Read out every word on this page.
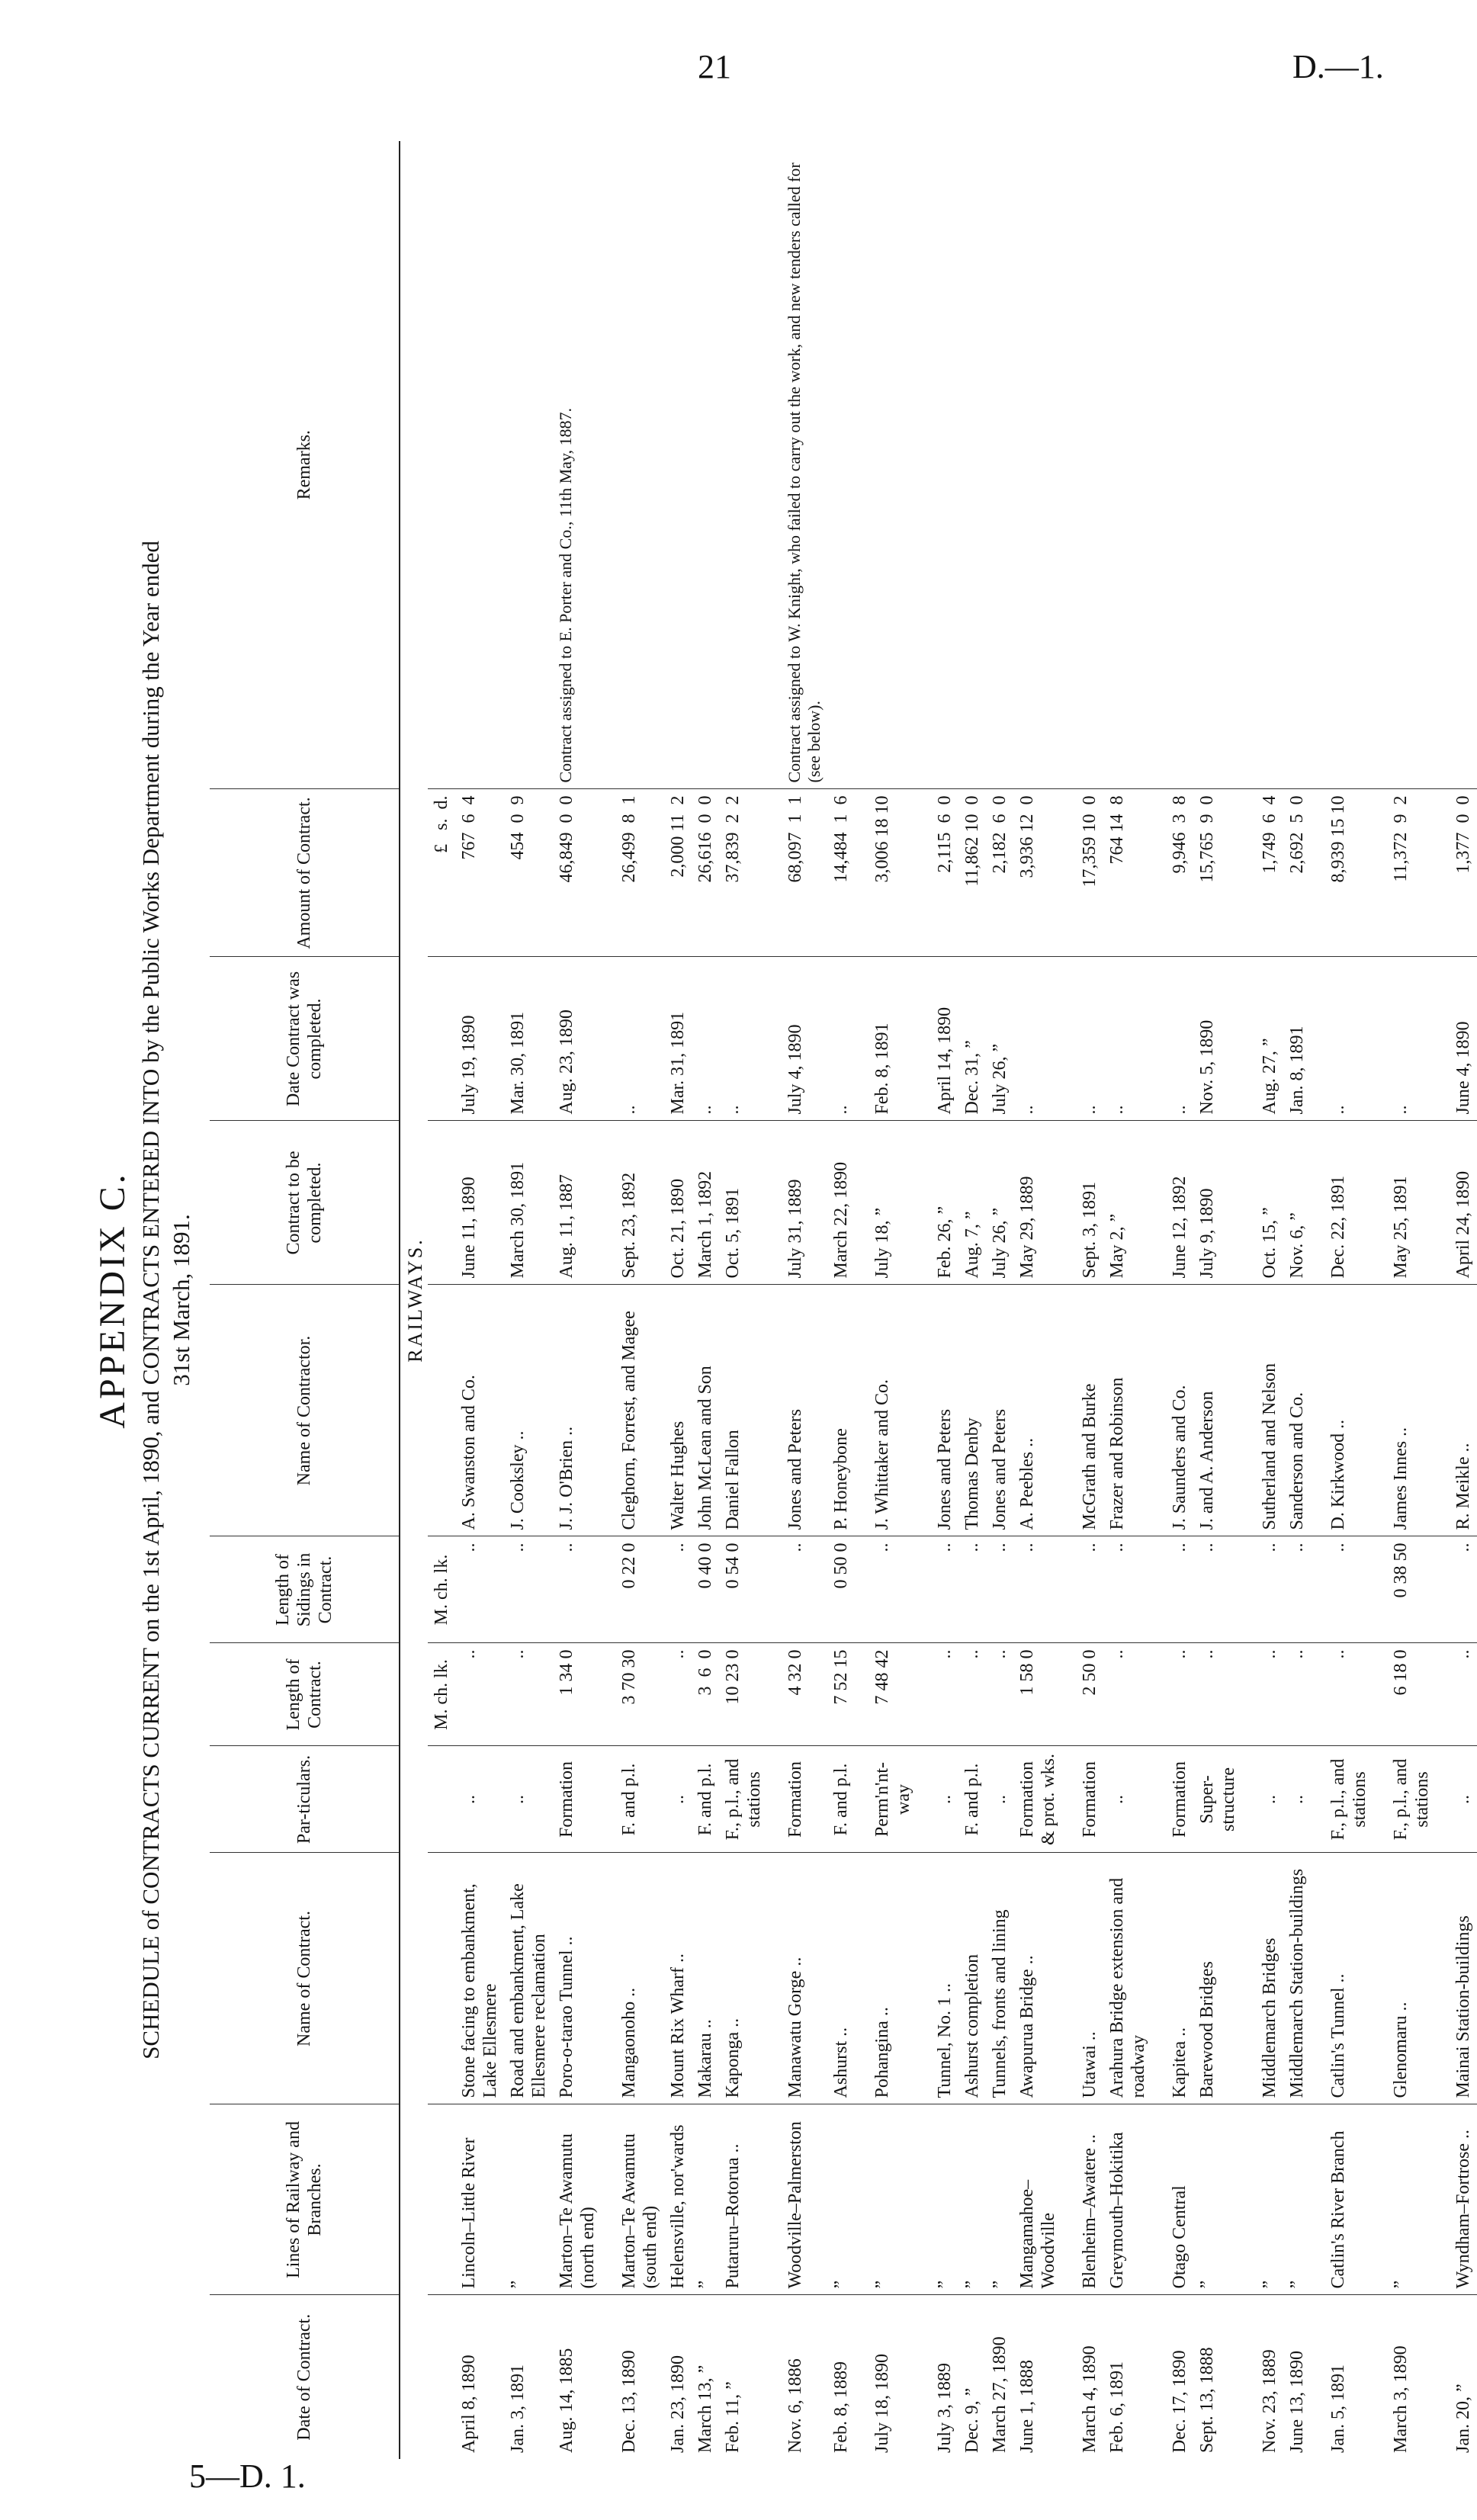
21	D.—1.
5—D. 1.
APPENDIX C. SCHEDULE of CONTRACTS CURRENT on the 1st April, 1890, and CONTRACTS ENTERED INTO by the Public Works Department during the Year ended 31st March, 1891.
Date of Contract.	Lines of Railway and Branches.	Name of Contract.	Par-ticulars.	Length of Contract.	Length of Sidings in Contract.	Name of Contractor.	Contract to be completed.	Date Contract was completed.	Amount of Contract.	Remarks.
RAILWAYS.										
				M. ch. lk.	M. ch. lk.				£   s.  d.	
April 8, 1890	Lincoln–Little River	Stone facing to embankment, Lake Ellesmere	..	..	..	A. Swanston and Co.	June 11, 1890	July 19, 1890	767  6  4	
Jan. 3, 1891	”	Road and embankment, Lake Ellesmere reclamation	..	..	..	J. Cooksley ..	March 30, 1891	Mar. 30, 1891	454  0  9	
Aug. 14, 1885	Marton–Te Awamutu (north end)	Poro-o-tarao Tunnel ..	Formation	1 34 0	..	J. J. O'Brien ..	Aug. 11, 1887	Aug. 23, 1890	46,849  0  0	Contract assigned to E. Porter and Co., 11th May, 1887.
Dec. 13, 1890	Marton–Te Awamutu (south end)	Mangaonoho ..	F. and p.l.	3 70 30	0 22 0	Cleghorn, Forrest, and Magee	Sept. 23, 1892	..	26,499  8  1	
Jan. 23, 1890	Helensville, nor'wards	Mount Rix Wharf ..	..	..	..	Walter Hughes	Oct. 21, 1890	Mar. 31, 1891	2,000 11  2	
March 13, ”	”	Makarau ..	F. and p.l.	3  6  0	0 40 0	John McLean and Son	March 1, 1892	..	26,616  0  0	
Feb. 11, ”	Putaruru–Rotorua ..	Kaponga ..	F., p.l., and stations	10 23 0	0 54 0	Daniel Fallon	Oct. 5, 1891	..	37,839  2  2	
Nov. 6, 1886	Woodville–Palmerston	Manawatu Gorge ..	Formation	4 32 0	..	Jones and Peters	July 31, 1889	July 4, 1890	68,097  1  1	Contract assigned to W. Knight, who failed to carry out the work, and new tenders called for (see below).
Feb. 8, 1889	”	Ashurst ..	F. and p.l.	7 52 15	0 50 0	P. Honeybone	March 22, 1890	..	14,484  1  6	
July 18, 1890	”	Pohangina ..	Perm'n'nt-way	7 48 42	..	J. Whittaker and Co.	July 18, ”	Feb. 8, 1891	3,006 18 10	
July 3, 1889	”	Tunnel, No. 1 ..	..	..	..	Jones and Peters	Feb. 26, ”	April 14, 1890	2,115  6  0	
Dec. 9, ”	”	Ashurst completion	F. and p.l.	..	..	Thomas Denby	Aug. 7, ”	Dec. 31, ”	11,862 10  0	
March 27, 1890	”	Tunnels, fronts and lining	..	..	..	Jones and Peters	July 26, ”	July 26, ”	2,182  6  0	
June 1, 1888	Mangamahoe–Woodville	Awapuruа Bridge ..	Formation & prot. wks.	1 58 0	..	A. Peebles ..	May 29, 1889	..	3,936 12  0	
March 4, 1890	Blenheim–Awatere ..	Utawai ..	Formation	2 50 0	..	McGrath and Burke	Sept. 3, 1891	..	17,359 10  0	
Feb. 6, 1891	Greymouth–Hokitika	Arahura Bridge extension and roadway	..	..	..	Frazer and Robinson	May 2, ”	..	764 14  8	
Dec. 17, 1890	Otago Central	Kapitea ..	Formation	..	..	J. Saunders and Co.	June 12, 1892	..	9,946  3  8	
Sept. 13, 1888	”	Barewood Bridges	Super-structure	..	..	J. and A. Anderson	July 9, 1890	Nov. 5, 1890	15,765  9  0	
Nov. 23, 1889	”	Middlemarch Bridges	..	..	..	Sutherland and Nelson	Oct. 15, ”	Aug. 27, ”	1,749  6  4	
June 13, 1890	”	Middlemarch Station-buildings	..	..	..	Sanderson and Co.	Nov. 6, ”	Jan. 8, 1891	2,692  5  0	
Jan. 5, 1891	Catlin's River Branch	Catlin's Tunnel ..	F., p.l., and stations	..	..	D. Kirkwood ..	Dec. 22, 1891	..	8,939 15 10	
March 3, 1890	”	Glenomaru ..	F., p.l., and stations	6 18 0	0 38 50	James Innes ..	May 25, 1891	..	11,372  9  2	
Jan. 20, ”	Wyndham–Fortrose ..	Mainai Station-buildings	..	..	..	R. Meikle ..	April 24, 1890	June 4, 1890	1,377  0  0	
